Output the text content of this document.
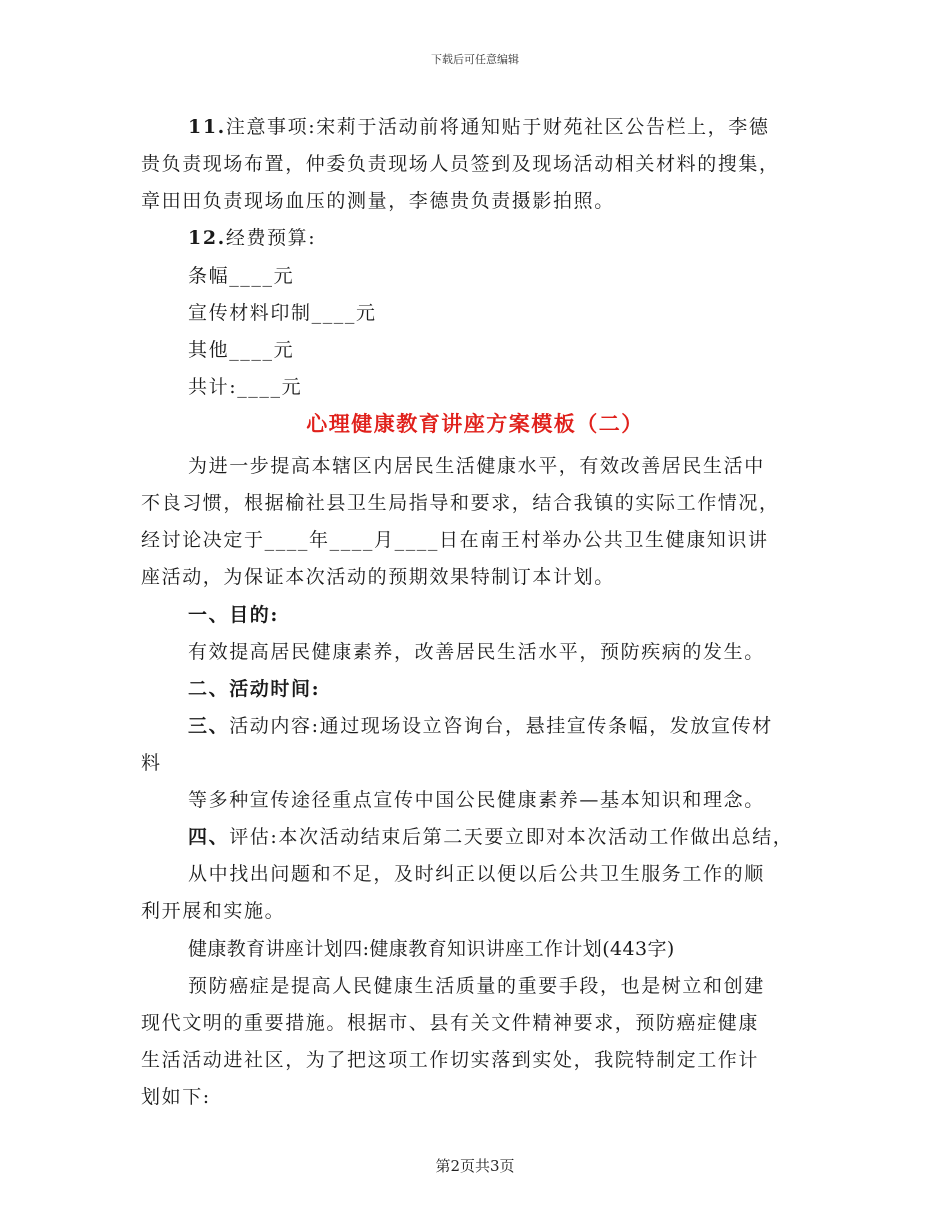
下载后可任意编辑
11.注意事项:宋莉于活动前将通知贴于财苑社区公告栏上，李德
贵负责现场布置，仲委负责现场人员签到及现场活动相关材料的搜集，
章田田负责现场血压的测量，李德贵负责摄影拍照。
12.经费预算:
条幅____元
宣传材料印制____元
其他____元
共计:____元
心理健康教育讲座方案模板（二）
为进一步提高本辖区内居民生活健康水平，有效改善居民生活中
不良习惯，根据榆社县卫生局指导和要求，结合我镇的实际工作情况，
经讨论决定于____年____月____日在南王村举办公共卫生健康知识讲
座活动，为保证本次活动的预期效果特制订本计划。
一、目的:
有效提高居民健康素养，改善居民生活水平，预防疾病的发生。
二、活动时间:
三、活动内容:通过现场设立咨询台，悬挂宣传条幅，发放宣传材
料
等多种宣传途径重点宣传中国公民健康素养—基本知识和理念。
四、评估:本次活动结束后第二天要立即对本次活动工作做出总结，
从中找出问题和不足，及时纠正以便以后公共卫生服务工作的顺
利开展和实施。
健康教育讲座计划四:健康教育知识讲座工作计划(443字)
预防癌症是提高人民健康生活质量的重要手段，也是树立和创建
现代文明的重要措施。根据市、县有关文件精神要求，预防癌症健康
生活活动进社区，为了把这项工作切实落到实处，我院特制定工作计
划如下:
第2页共3页
